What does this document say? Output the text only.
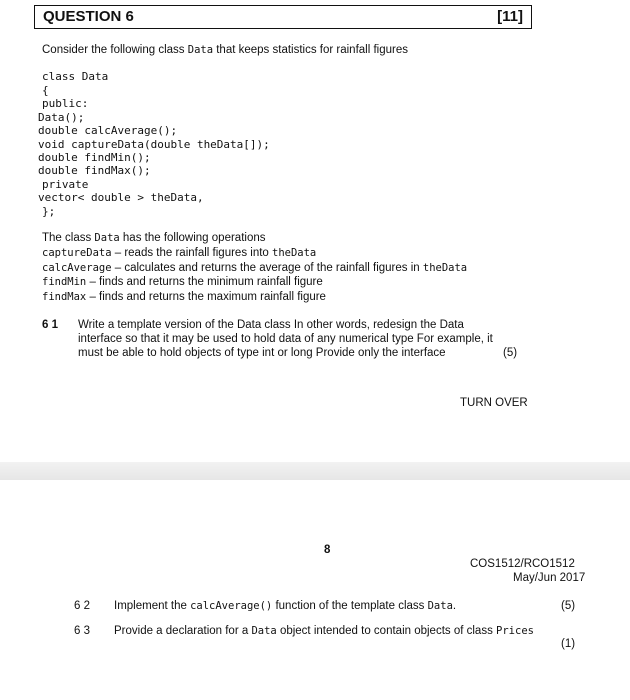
QUESTION 6	[11]
Consider the following class Data that keeps statistics for rainfall figures
class Data
{
public:
Data();
double calcAverage();
void captureData(double theData[]);
double findMin();
double findMax();
private
vector< double > theData,
};
The class Data has the following operations
captureData – reads the rainfall figures into theData
calcAverage – calculates and returns the average of the rainfall figures in theData
findMin – finds and returns the minimum rainfall figure
findMax – finds and returns the maximum rainfall figure
6 1 Write a template version of the Data class In other words, redesign the Data
interface so that it may be used to hold data of any numerical type For example, it
must be able to hold objects of type int or long Provide only the interface	(5)
TURN OVER
8
COS1512/RCO1512
May/Jun 2017
6 2 Implement the calcAverage() function of the template class Data.	(5)
6 3 Provide a declaration for a Data object intended to contain objects of class Prices
(1)
